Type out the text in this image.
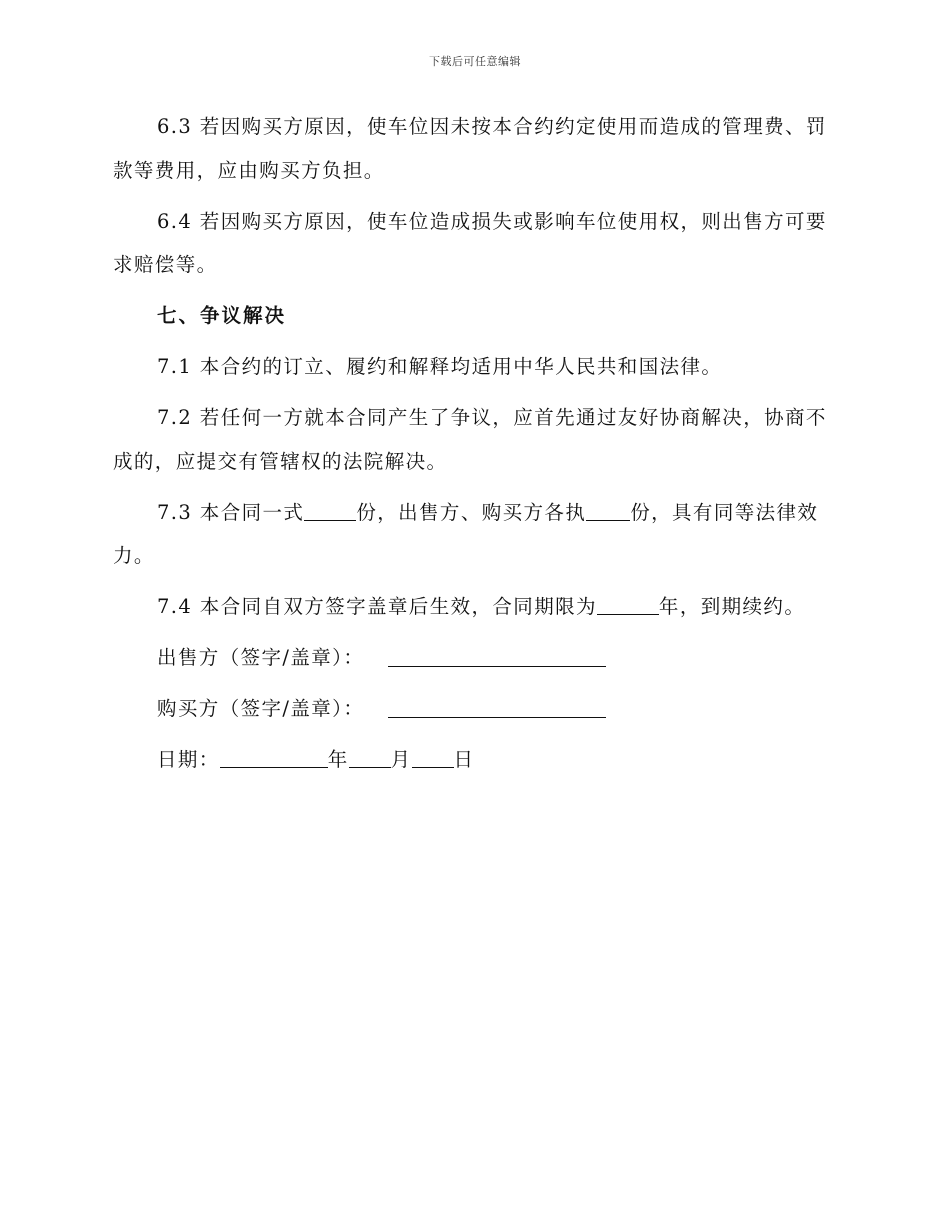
下载后可任意编辑
6.3 若因购买方原因，使车位因未按本合约约定使用而造成的管理费、罚
款等费用，应由购买方负担。
6.4 若因购买方原因，使车位造成损失或影响车位使用权，则出售方可要
求赔偿等。
七、争议解决
7.1 本合约的订立、履约和解释均适用中华人民共和国法律。
7.2 若任何一方就本合同产生了争议，应首先通过友好协商解决，协商不
成的，应提交有管辖权的法院解决。
7.3 本合同一式	份，出售方、购买方各执 份，具有同等法律效
力。
7.4 本合同自双方签字盖章后生效，合同期限为	年，到期续约。
出售方（签字/盖章）：
购买方（签字/盖章）：
日期：	年 月 日
